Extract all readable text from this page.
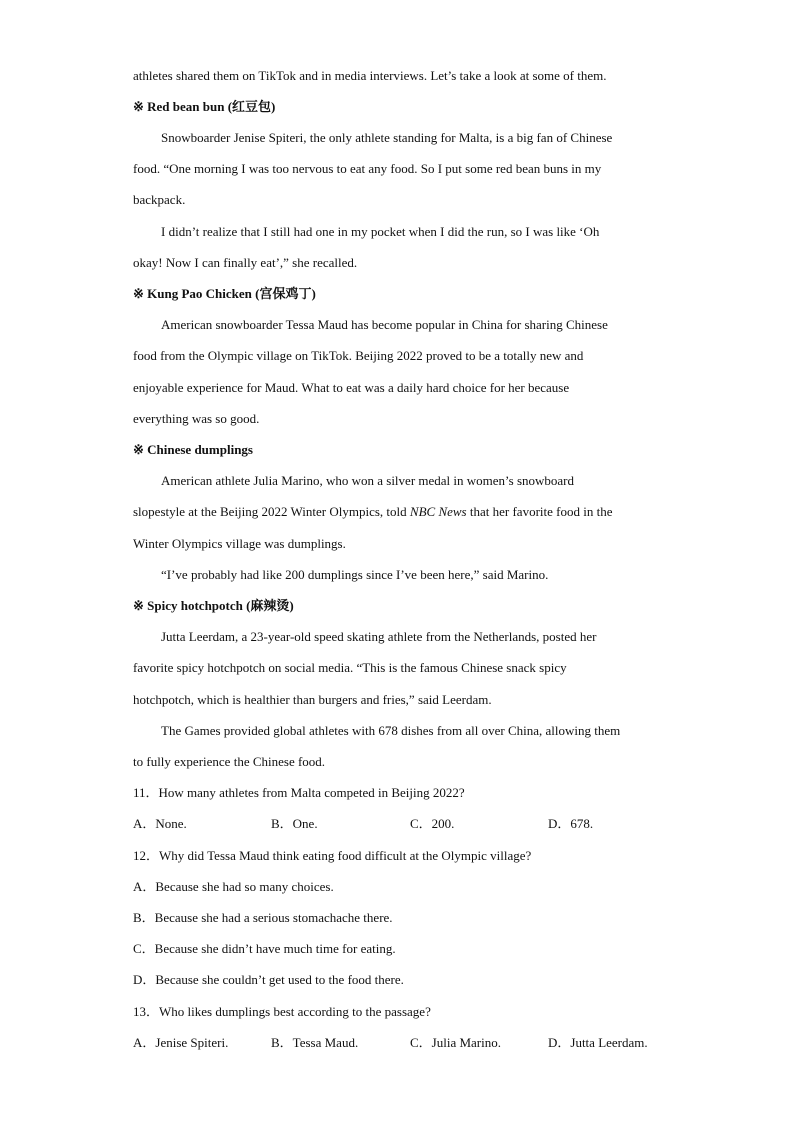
athletes shared them on TikTok and in media interviews. Let’s take a look at some of them.
※ Red bean bun (红豆包)
Snowboarder Jenise Spiteri, the only athlete standing for Malta, is a big fan of Chinese
food. “One morning I was too nervous to eat any food. So I put some red bean buns in my
backpack.
I didn’t realize that I still had one in my pocket when I did the run, so I was like ‘Oh
okay! Now I can finally eat’,” she recalled.
※ Kung Pao Chicken (宫保鸡丁)
American snowboarder Tessa Maud has become popular in China for sharing Chinese
food from the Olympic village on TikTok. Beijing 2022 proved to be a totally new and
enjoyable experience for Maud. What to eat was a daily hard choice for her because
everything was so good.
※ Chinese dumplings
American athlete Julia Marino, who won a silver medal in women’s snowboard
slopestyle at the Beijing 2022 Winter Olympics, told NBC News that her favorite food in the
Winter Olympics village was dumplings.
“I’ve probably had like 200 dumplings since I’ve been here,” said Marino.
※ Spicy hotchpotch (麻辣烫)
Jutta Leerdam, a 23-year-old speed skating athlete from the Netherlands, posted her
favorite spicy hotchpotch on social media. “This is the famous Chinese snack spicy
hotchpotch, which is healthier than burgers and fries,” said Leerdam.
The Games provided global athletes with 678 dishes from all over China, allowing them
to fully experience the Chinese food.
11．How many athletes from Malta competed in Beijing 2022?
A．None.	B．One.	C．200.	D．678.
12．Why did Tessa Maud think eating food difficult at the Olympic village?
A．Because she had so many choices.
B．Because she had a serious stomachache there.
C．Because she didn’t have much time for eating.
D．Because she couldn’t get used to the food there.
13．Who likes dumplings best according to the passage?
A．Jenise Spiteri.	B．Tessa Maud.	C．Julia Marino.	D．Jutta Leerdam.
